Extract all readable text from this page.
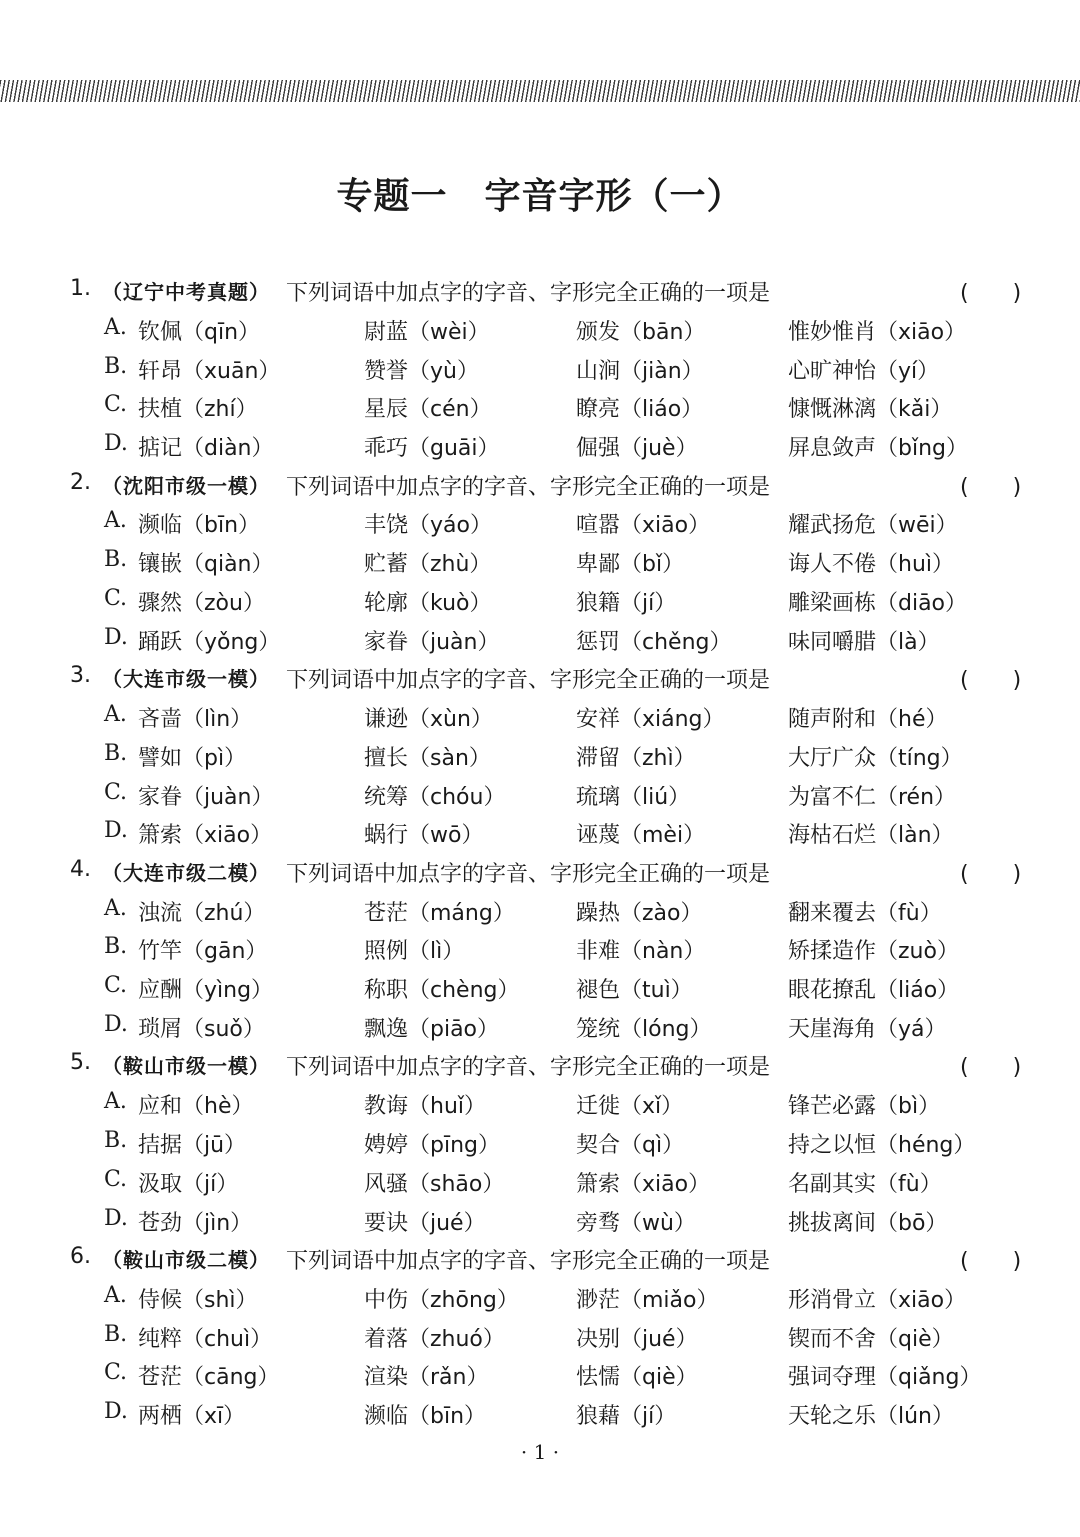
专题一　字音字形（一）
1. （辽宁中考真题） 下列词语中加点字的字音、字形完全正确的一项是	(　　)
A. 钦佩（qīn）	尉蓝（wèi）	颁发（bān）	惟妙惟肖（xiāo）
B. 轩昂（xuān）	赞誉（yù）	山涧（jiàn）	心旷神怡（yí）
C. 扶植（zhí）	星辰（cén）	瞭亮（liáo）	慷慨淋漓（kǎi）
D. 掂记（diàn）	乖巧（guāi）	倔强（juè）	屏息敛声（bǐng）
2. （沈阳市级一模） 下列词语中加点字的字音、字形完全正确的一项是	(　　)
A. 濒临（bīn）	丰饶（yáo）	喧嚣（xiāo）	耀武扬危（wēi）
B. 镶嵌（qiàn）	贮蓄（zhù）	卑鄙（bǐ）	诲人不倦（huì）
C. 骤然（zòu）	轮廓（kuò）	狼籍（jí）	雕梁画栋（diāo）
D. 踊跃（yǒng）	家眷（juàn）	惩罚（chěng）	味同嚼腊（là）
3. （大连市级一模） 下列词语中加点字的字音、字形完全正确的一项是	(　　)
A. 吝啬（lìn）	谦逊（xùn）	安祥（xiáng）	随声附和（hé）
B. 譬如（pì）	擅长（sàn）	滞留（zhì）	大厅广众（tíng）
C. 家眷（juàn）	统筹（chóu）	琉璃（liú）	为富不仁（rén）
D. 箫索（xiāo）	蜗行（wō）	诬蔑（mèi）	海枯石烂（làn）
4. （大连市级二模） 下列词语中加点字的字音、字形完全正确的一项是	(　　)
A. 浊流（zhú）	苍茫（máng）	躁热（zào）	翻来覆去（fù）
B. 竹竿（gān）	照例（lì）	非难（nàn）	矫揉造作（zuò）
C. 应酬（yìng）	称职（chèng）	褪色（tuì）	眼花撩乱（liáo）
D. 琐屑（suǒ）	飘逸（piāo）	笼统（lóng）	天崖海角（yá）
5. （鞍山市级一模） 下列词语中加点字的字音、字形完全正确的一项是	(　　)
A. 应和（hè）	教诲（huǐ）	迁徙（xǐ）	锋芒必露（bì）
B. 拮据（jū）	娉婷（pīng）	契合（qì）	持之以恒（héng）
C. 汲取（jí）	风骚（shāo）	箫索（xiāo）	名副其实（fù）
D. 苍劲（jìn）	要诀（jué）	旁骛（wù）	挑拔离间（bō）
6. （鞍山市级二模） 下列词语中加点字的字音、字形完全正确的一项是	(　　)
A. 侍候（shì）	中伤（zhōng）	渺茫（miǎo）	形消骨立（xiāo）
B. 纯粹（chuì）	着落（zhuó）	决别（jué）	锲而不舍（qiè）
C. 苍茫（cāng）	渲染（rǎn）	怯懦（qiè）	强词夺理（qiǎng）
D. 两栖（xī）	濒临（bīn）	狼藉（jí）	天轮之乐（lún）
· 1 ·
